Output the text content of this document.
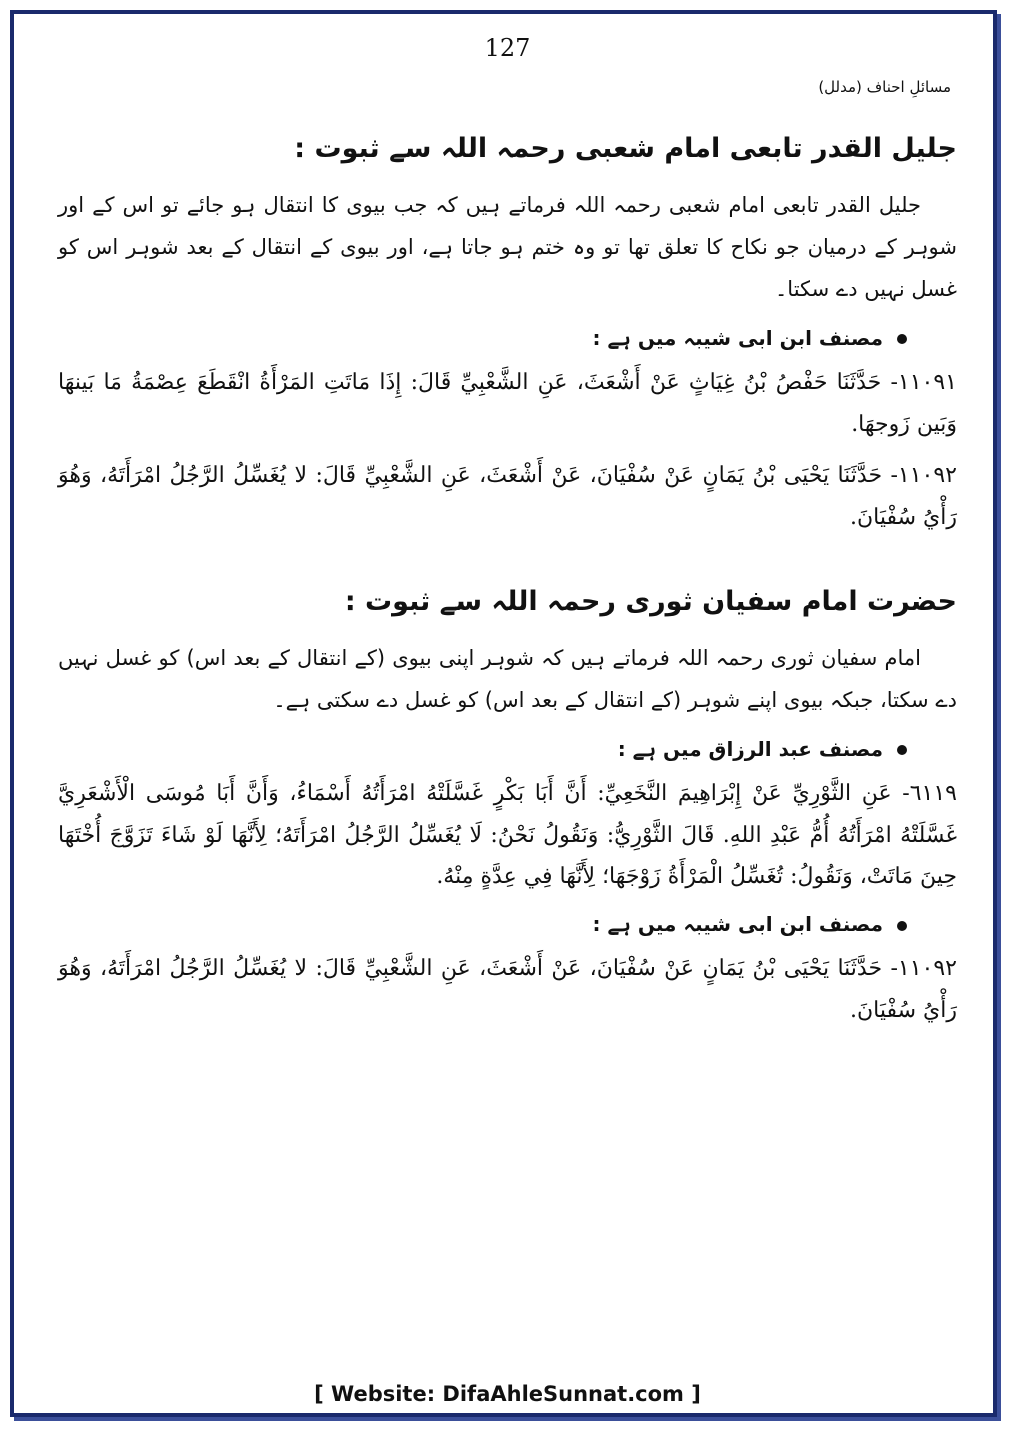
127
مسائلِ احناف (مدلل)
جلیل القدر تابعی امام شعبی رحمہ اللہ سے ثبوت :

جلیل القدر تابعی امام شعبی رحمہ اللہ فرماتے ہیں کہ جب بیوی کا انتقال ہو جائے تو اس کے اور شوہر کے درمیان جو نکاح کا تعلق تھا تو وہ ختم ہو جاتا ہے، اور بیوی کے انتقال کے بعد شوہر اس کو غسل نہیں دے سکتا۔

مصنف ابن ابی شیبہ میں ہے :

١١٠٩١- حَدَّثَنَا حَفْصُ بْنُ غِيَاثٍ عَنْ أَشْعَثَ، عَنِ الشَّعْبِيِّ قَالَ: إِذَا مَاتَتِ المَرْأَةُ انْقَطَعَ عِصْمَةُ مَا بَينهَا وَبَين زَوجهَا.

١١٠٩٢- حَدَّثَنَا يَحْيَى بْنُ يَمَانٍ عَنْ سُفْيَانَ، عَنْ أَشْعَثَ، عَنِ الشَّعْبِيِّ قَالَ: لا يُغَسِّلُ الرَّجُلُ امْرَأَتَهُ، وَهُوَ رَأْيُ سُفْيَانَ.

حضرت امام سفیان ثوری رحمہ اللہ سے ثبوت :

امام سفیان ثوری رحمہ اللہ فرماتے ہیں کہ شوہر اپنی بیوی (کے انتقال کے بعد اس) کو غسل نہیں دے سکتا، جبکہ بیوی اپنے شوہر (کے انتقال کے بعد اس) کو غسل دے سکتی ہے۔

مصنف عبد الرزاق میں ہے :

٦١١٩- عَنِ الثَّوْرِيِّ عَنْ إِبْرَاهِيمَ النَّخَعِيِّ: أَنَّ أَبَا بَكْرٍ غَسَّلَتْهُ امْرَأَتُهُ أَسْمَاءُ، وَأَنَّ أَبَا مُوسَى الْأَشْعَرِيَّ غَسَّلَتْهُ امْرَأَتُهُ أُمُّ عَبْدِ اللهِ. قَالَ الثَّوْرِيُّ: وَنَقُولُ نَحْنُ: لَا يُغَسِّلُ الرَّجُلُ امْرَأَتَهُ؛ لِأَنَّهَا لَوْ شَاءَ تَزَوَّجَ أُخْتَهَا حِينَ مَاتَتْ، وَنَقُولُ: تُغَسِّلُ الْمَرْأَةُ زَوْجَهَا؛ لِأَنَّهَا فِي عِدَّةٍ مِنْهُ.

مصنف ابن ابی شیبہ میں ہے :

١١٠٩٢- حَدَّثَنَا يَحْيَى بْنُ يَمَانٍ عَنْ سُفْيَانَ، عَنْ أَشْعَثَ، عَنِ الشَّعْبِيِّ قَالَ: لا يُغَسِّلُ الرَّجُلُ امْرَأَتَهُ، وَهُوَ رَأْيُ سُفْيَانَ.

[ Website: DifaAhleSunnat.com ]
